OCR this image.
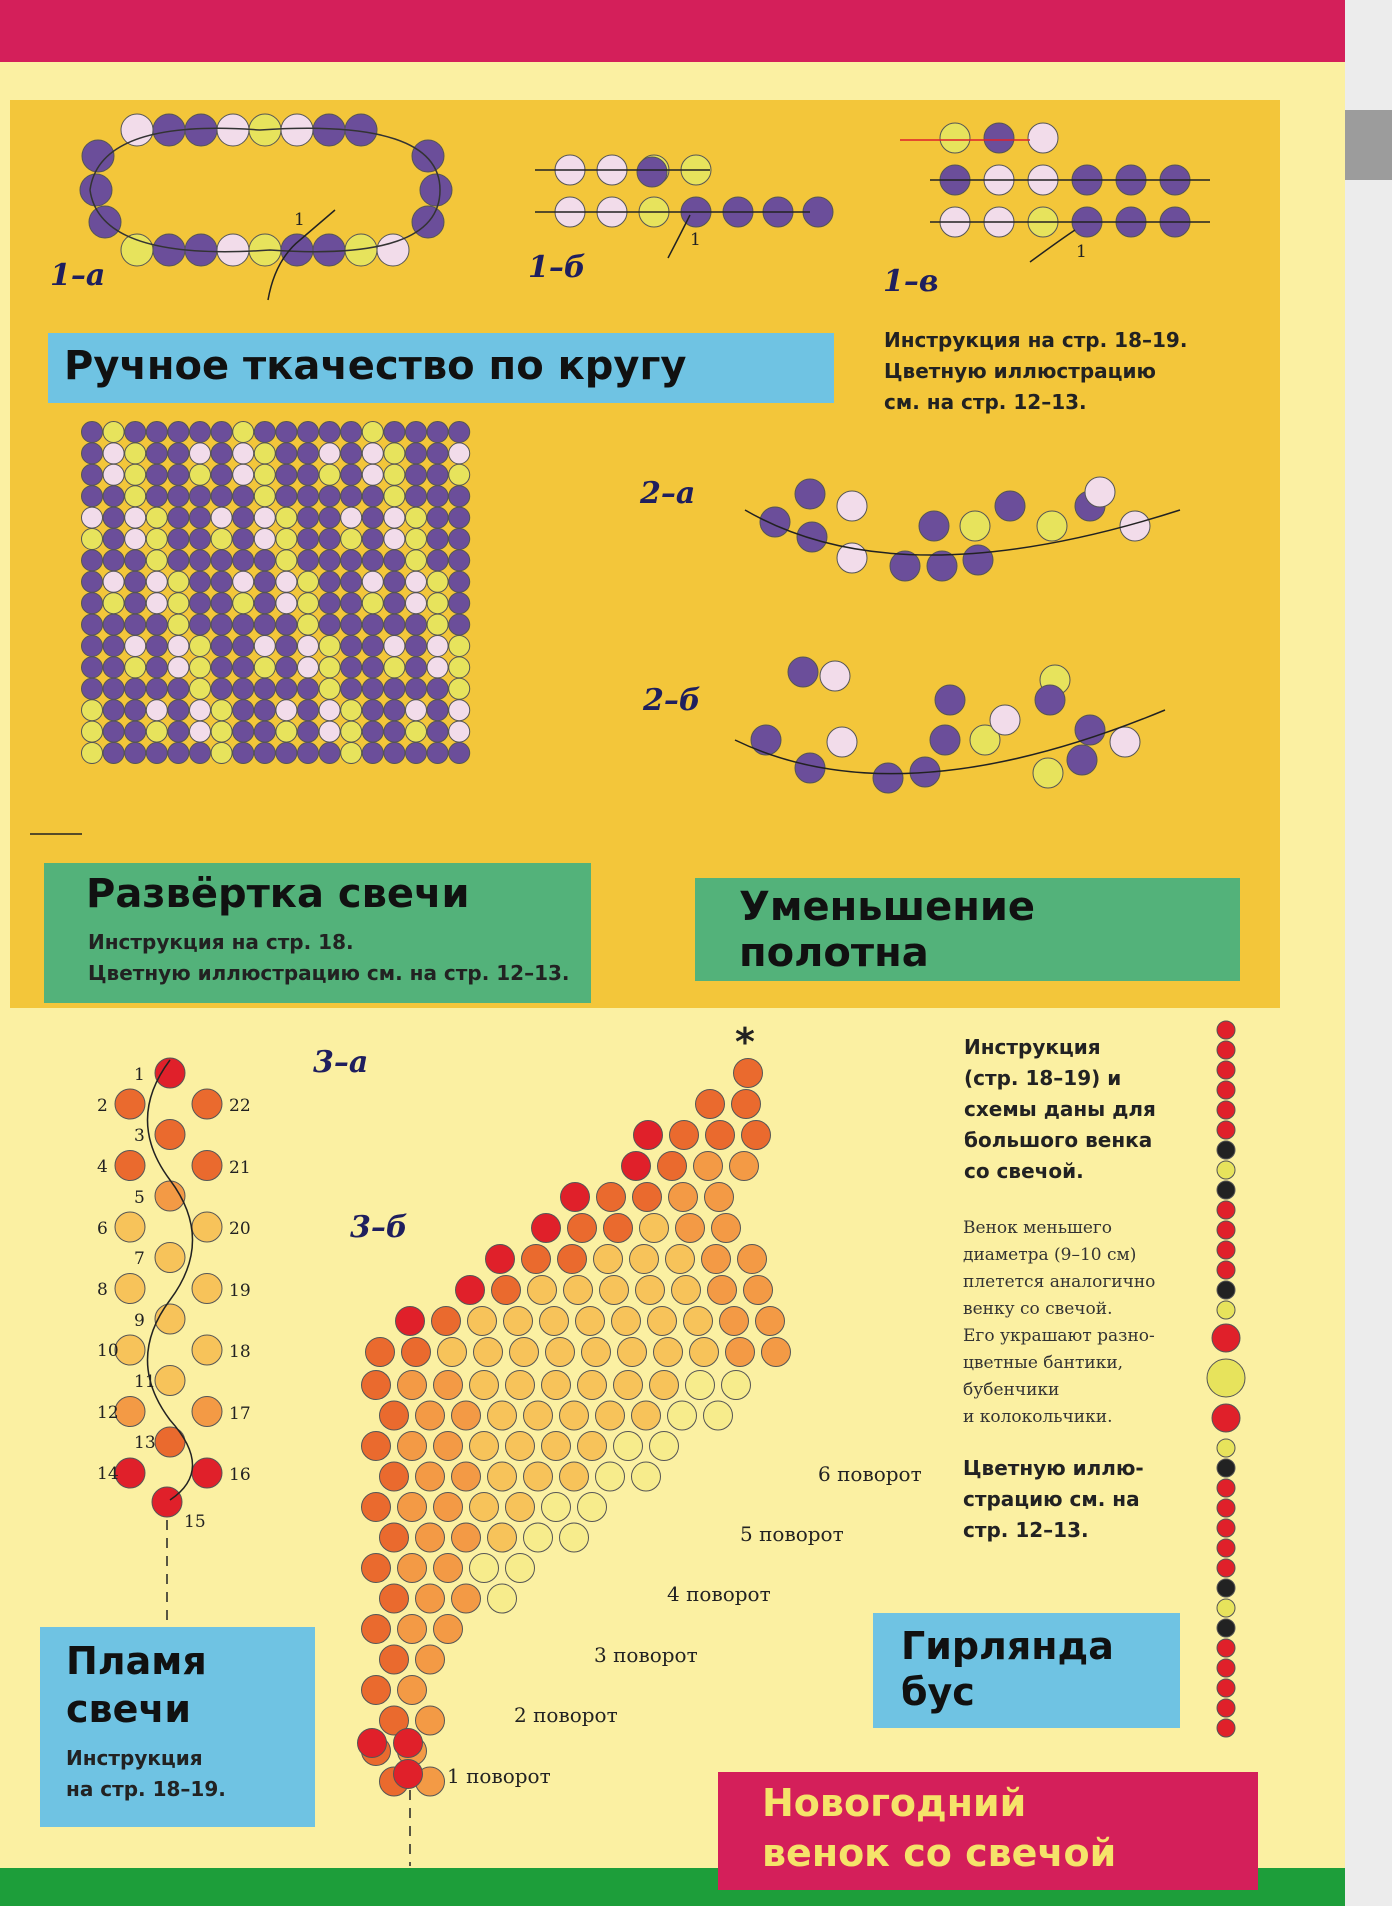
1–а	1–б	1–в
2–а
2–б
3–а
3–б
1
1
1
*
Ручное ткачество по кругу
Инструкция на стр. 18–19.
Цветную иллюстрацию
см. на стр. 12–13.
Развёртка свечи
Инструкция на стр. 18.
Цветную иллюстрацию см. на стр. 12–13.
Уменьшение
полотна
Пламя
свечи
Инструкция
на стр. 18–19.
1
2
3
4
5
6
7
8
9
10
11
12
13
14
22
21
20
19
18
17
16
15
1 поворот
2 поворот
3 поворот
4 поворот
5 поворот
6 поворот
Инструкция
(стр. 18–19) и
схемы даны для
большого венка
со свечой.
Венок меньшего
диаметра (9–10 см)
плетется аналогично
венку со свечой.
Его украшают разно-
цветные бантики,
бубенчики
и колокольчики.
Цветную иллю-
страцию см. на
стр. 12–13.
Гирлянда
бус
Новогодний
венок со свечой
